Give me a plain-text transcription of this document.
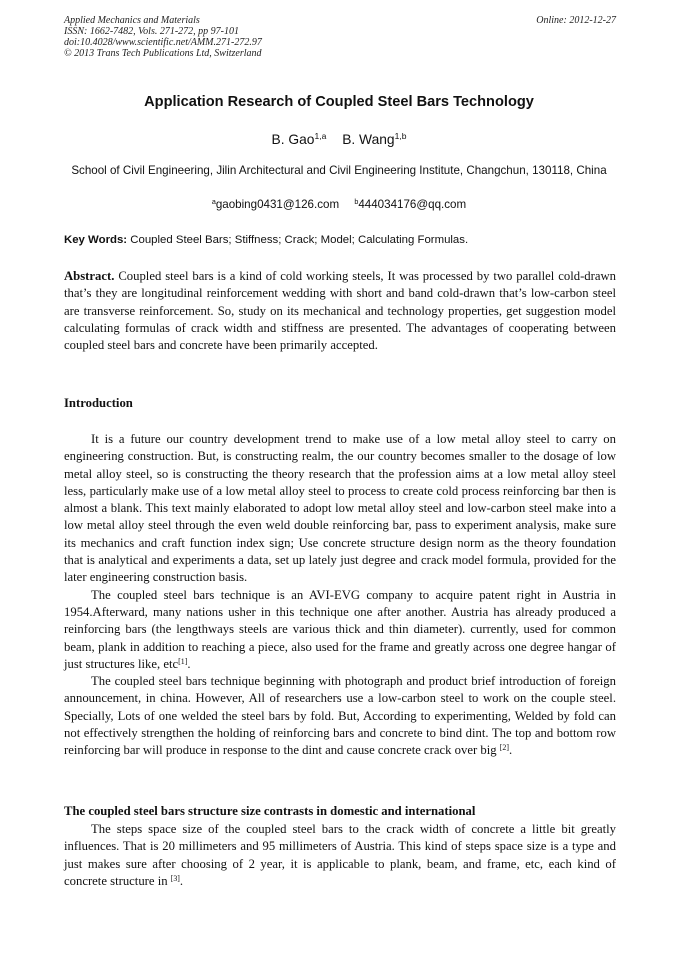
Applied Mechanics and Materials
ISSN: 1662-7482, Vols. 271-272, pp 97-101
doi:10.4028/www.scientific.net/AMM.271-272.97
© 2013 Trans Tech Publications Ltd, Switzerland
Online: 2012-12-27
Application Research of Coupled Steel Bars Technology
B. Gao$^{1,a}$ B. Wang$^{1,b}$
School of Civil Engineering, Jilin Architectural and Civil Engineering Institute, Changchun, 130118, China
$^a$gaobing0431@126.com $^b$444034176@qq.com
Key Words: Coupled Steel Bars; Stiffness; Crack; Model; Calculating Formulas.

Abstract. Coupled steel bars is a kind of cold working steels, It was processed by two parallel cold-drawn that’s they are longitudinal reinforcement wedding with short and band cold-drawn that’s low-carbon steel are transverse reinforcement. So, study on its mechanical and technology properties, get suggestion model calculating formulas of crack width and stiffness are presented. The advantages of cooperating between coupled steel bars and concrete have been primarily accepted.

Introduction

It is a future our country development trend to make use of a low metal alloy steel to carry on engineering construction. But, is constructing realm, the our country becomes smaller to the dosage of low metal alloy steel, so is constructing the theory research that the profession aims at a low metal alloy steel less, particularly make use of a low metal alloy steel to process to create cold process reinforcing bar then is almost a blank. This text mainly elaborated to adopt low metal alloy steel and low-carbon steel make into a low metal alloy steel through the even weld double reinforcing bar, pass to experiment analysis, make sure its mechanics and craft function index sign; Use concrete structure design norm as the theory foundation that is analytical and experiments a data, set up lately just degree and crack model formula, provided for the later engineering construction basis.

The coupled steel bars technique is an AVI-EVG company to acquire patent right in Austria in 1954.Afterward, many nations usher in this technique one after another. Austria has already produced a reinforcing bars (the lengthways steels are various thick and thin diameter). currently, used for common beam, plank in addition to reaching a piece, also used for the frame and greatly across one degree hangar of just structures like, etc[1].

The coupled steel bars technique beginning with photograph and product brief introduction of foreign announcement, in china. However, All of researchers use a low-carbon steel to work on the couple steel. Specially, Lots of one welded the steel bars by fold. But, According to experimenting, Welded by fold can not effectively strengthen the holding of reinforcing bars and concrete to bind dint. The top and bottom row reinforcing bar will produce in response to the dint and cause concrete crack over big [2].

The coupled steel bars structure size contrasts in domestic and international

The steps space size of the coupled steel bars to the crack width of concrete a little bit greatly influences. That is 20 millimeters and 95 millimeters of Austria. This kind of steps space size is a type and just makes sure after choosing of 2 year, it is applicable to plank, beam, and frame, etc, each kind of concrete structure in [3].
